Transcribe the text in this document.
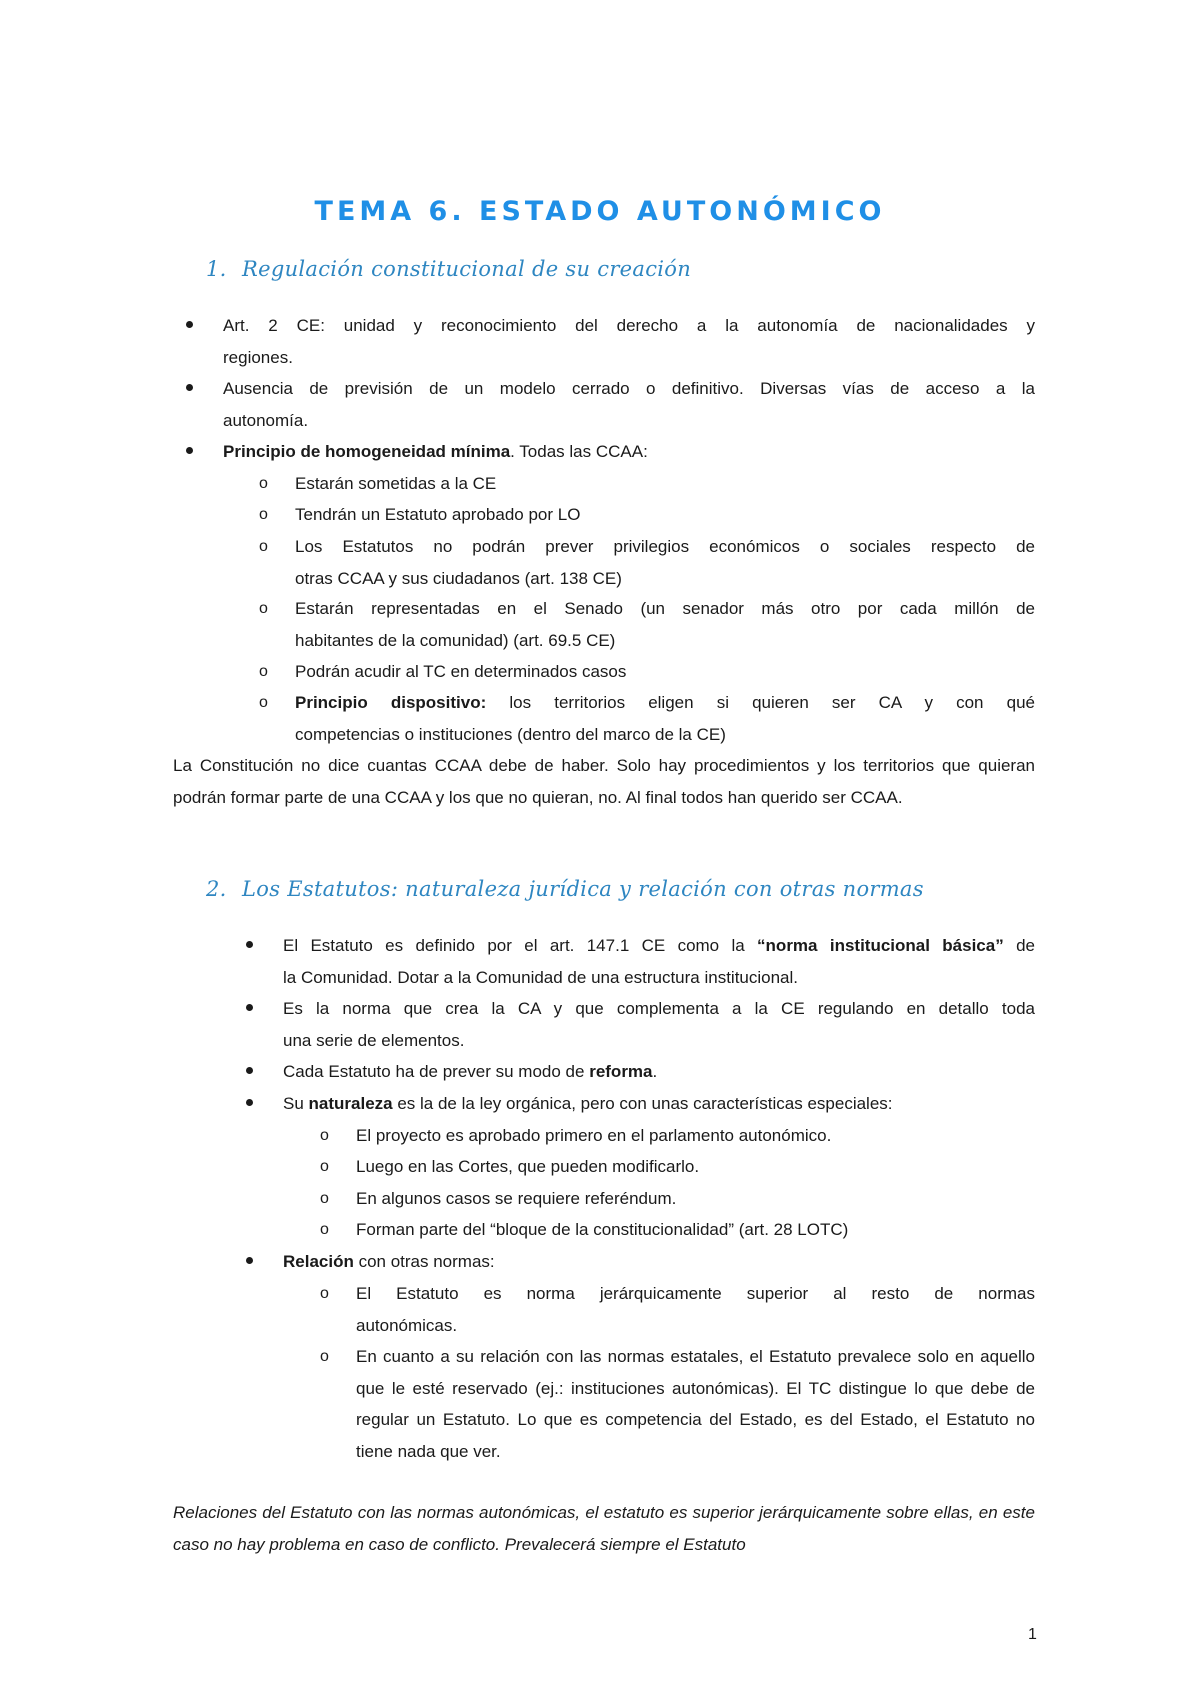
TEMA 6. ESTADO AUTONÓMICO
1. Regulación constitucional de su creación
Art. 2 CE: unidad y reconocimiento del derecho a la autonomía de nacionalidades y
regiones.
Ausencia de previsión de un modelo cerrado o definitivo. Diversas vías de acceso a la
autonomía.
Principio de homogeneidad mínima. Todas las CCAA:
o Estarán sometidas a la CE
o Tendrán un Estatuto aprobado por LO
o Los Estatutos no podrán prever privilegios económicos o sociales respecto de
otras CCAA y sus ciudadanos (art. 138 CE)
o Estarán representadas en el Senado (un senador más otro por cada millón de
habitantes de la comunidad) (art. 69.5 CE)
o Podrán acudir al TC en determinados casos
o Principio dispositivo: los territorios eligen si quieren ser CA y con qué
competencias o instituciones (dentro del marco de la CE)
La Constitución no dice cuantas CCAA debe de haber. Solo hay procedimientos y los territorios que quieran podrán formar parte de una CCAA y los que no quieran, no. Al final todos han querido ser CCAA.
2. Los Estatutos: naturaleza jurídica y relación con otras normas
El Estatuto es definido por el art. 147.1 CE como la “norma institucional básica” de
la Comunidad. Dotar a la Comunidad de una estructura institucional.
Es la norma que crea la CA y que complementa a la CE regulando en detallo toda
una serie de elementos.
Cada Estatuto ha de prever su modo de reforma.
Su naturaleza es la de la ley orgánica, pero con unas características especiales:
o El proyecto es aprobado primero en el parlamento autonómico.
o Luego en las Cortes, que pueden modificarlo.
o En algunos casos se requiere referéndum.
o Forman parte del “bloque de la constitucionalidad” (art. 28 LOTC)
Relación con otras normas:
o El Estatuto es norma jerárquicamente superior al resto de normas
autonómicas.
o En cuanto a su relación con las normas estatales, el Estatuto prevalece solo en aquello que le esté reservado (ej.: instituciones autonómicas). El TC distingue lo que debe de regular un Estatuto. Lo que es competencia del Estado, es del Estado, el Estatuto no tiene nada que ver.
Relaciones del Estatuto con las normas autonómicas, el estatuto es superior jerárquicamente sobre ellas, en este caso no hay problema en caso de conflicto. Prevalecerá siempre el Estatuto
1
